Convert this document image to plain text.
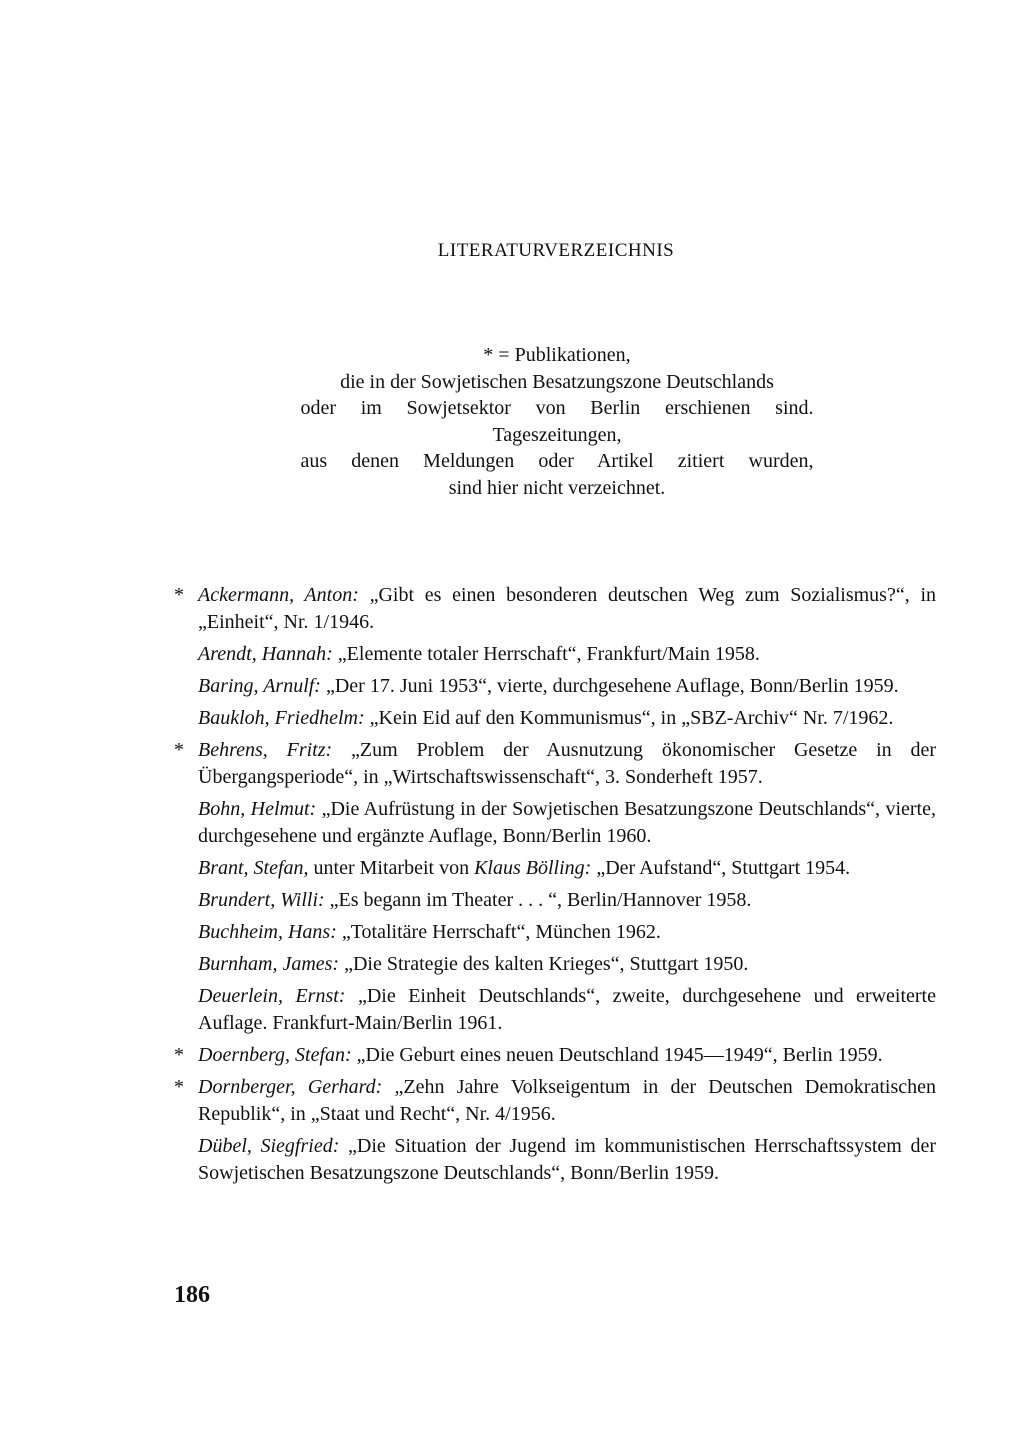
LITERATURVERZEICHNIS
* = Publikationen,
die in der Sowjetischen Besatzungszone Deutschlands
oder im Sowjetsektor von Berlin erschienen sind.
Tageszeitungen,
aus denen Meldungen oder Artikel zitiert wurden,
sind hier nicht verzeichnet.
* Ackermann, Anton: „Gibt es einen besonderen deutschen Weg zum Sozialismus?“, in „Einheit“, Nr. 1/1946.
Arendt, Hannah: „Elemente totaler Herrschaft“, Frankfurt/Main 1958.
Baring, Arnulf: „Der 17. Juni 1953“, vierte, durchgesehene Auflage, Bonn/Berlin 1959.
Baukloh, Friedhelm: „Kein Eid auf den Kommunismus“, in „SBZ-Archiv“ Nr. 7/1962.
* Behrens, Fritz: „Zum Problem der Ausnutzung ökonomischer Gesetze in der Übergangsperiode“, in „Wirtschaftswissenschaft“, 3. Sonderheft 1957.
Bohn, Helmut: „Die Aufrüstung in der Sowjetischen Besatzungszone Deutschlands“, vierte, durchgesehene und ergänzte Auflage, Bonn/Berlin 1960.
Brant, Stefan, unter Mitarbeit von Klaus Bölling: „Der Aufstand“, Stuttgart 1954.
Brundert, Willi: „Es begann im Theater . . . “, Berlin/Hannover 1958.
Buchheim, Hans: „Totalitäre Herrschaft“, München 1962.
Burnham, James: „Die Strategie des kalten Krieges“, Stuttgart 1950.
Deuerlein, Ernst: „Die Einheit Deutschlands“, zweite, durchgesehene und erweiterte Auflage. Frankfurt-Main/Berlin 1961.
* Doernberg, Stefan: „Die Geburt eines neuen Deutschland 1945—1949“, Berlin 1959.
* Dornberger, Gerhard: „Zehn Jahre Volkseigentum in der Deutschen Demokratischen Republik“, in „Staat und Recht“, Nr. 4/1956.
Dübel, Siegfried: „Die Situation der Jugend im kommunistischen Herrschaftssystem der Sowjetischen Besatzungszone Deutschlands“, Bonn/Berlin 1959.
186
